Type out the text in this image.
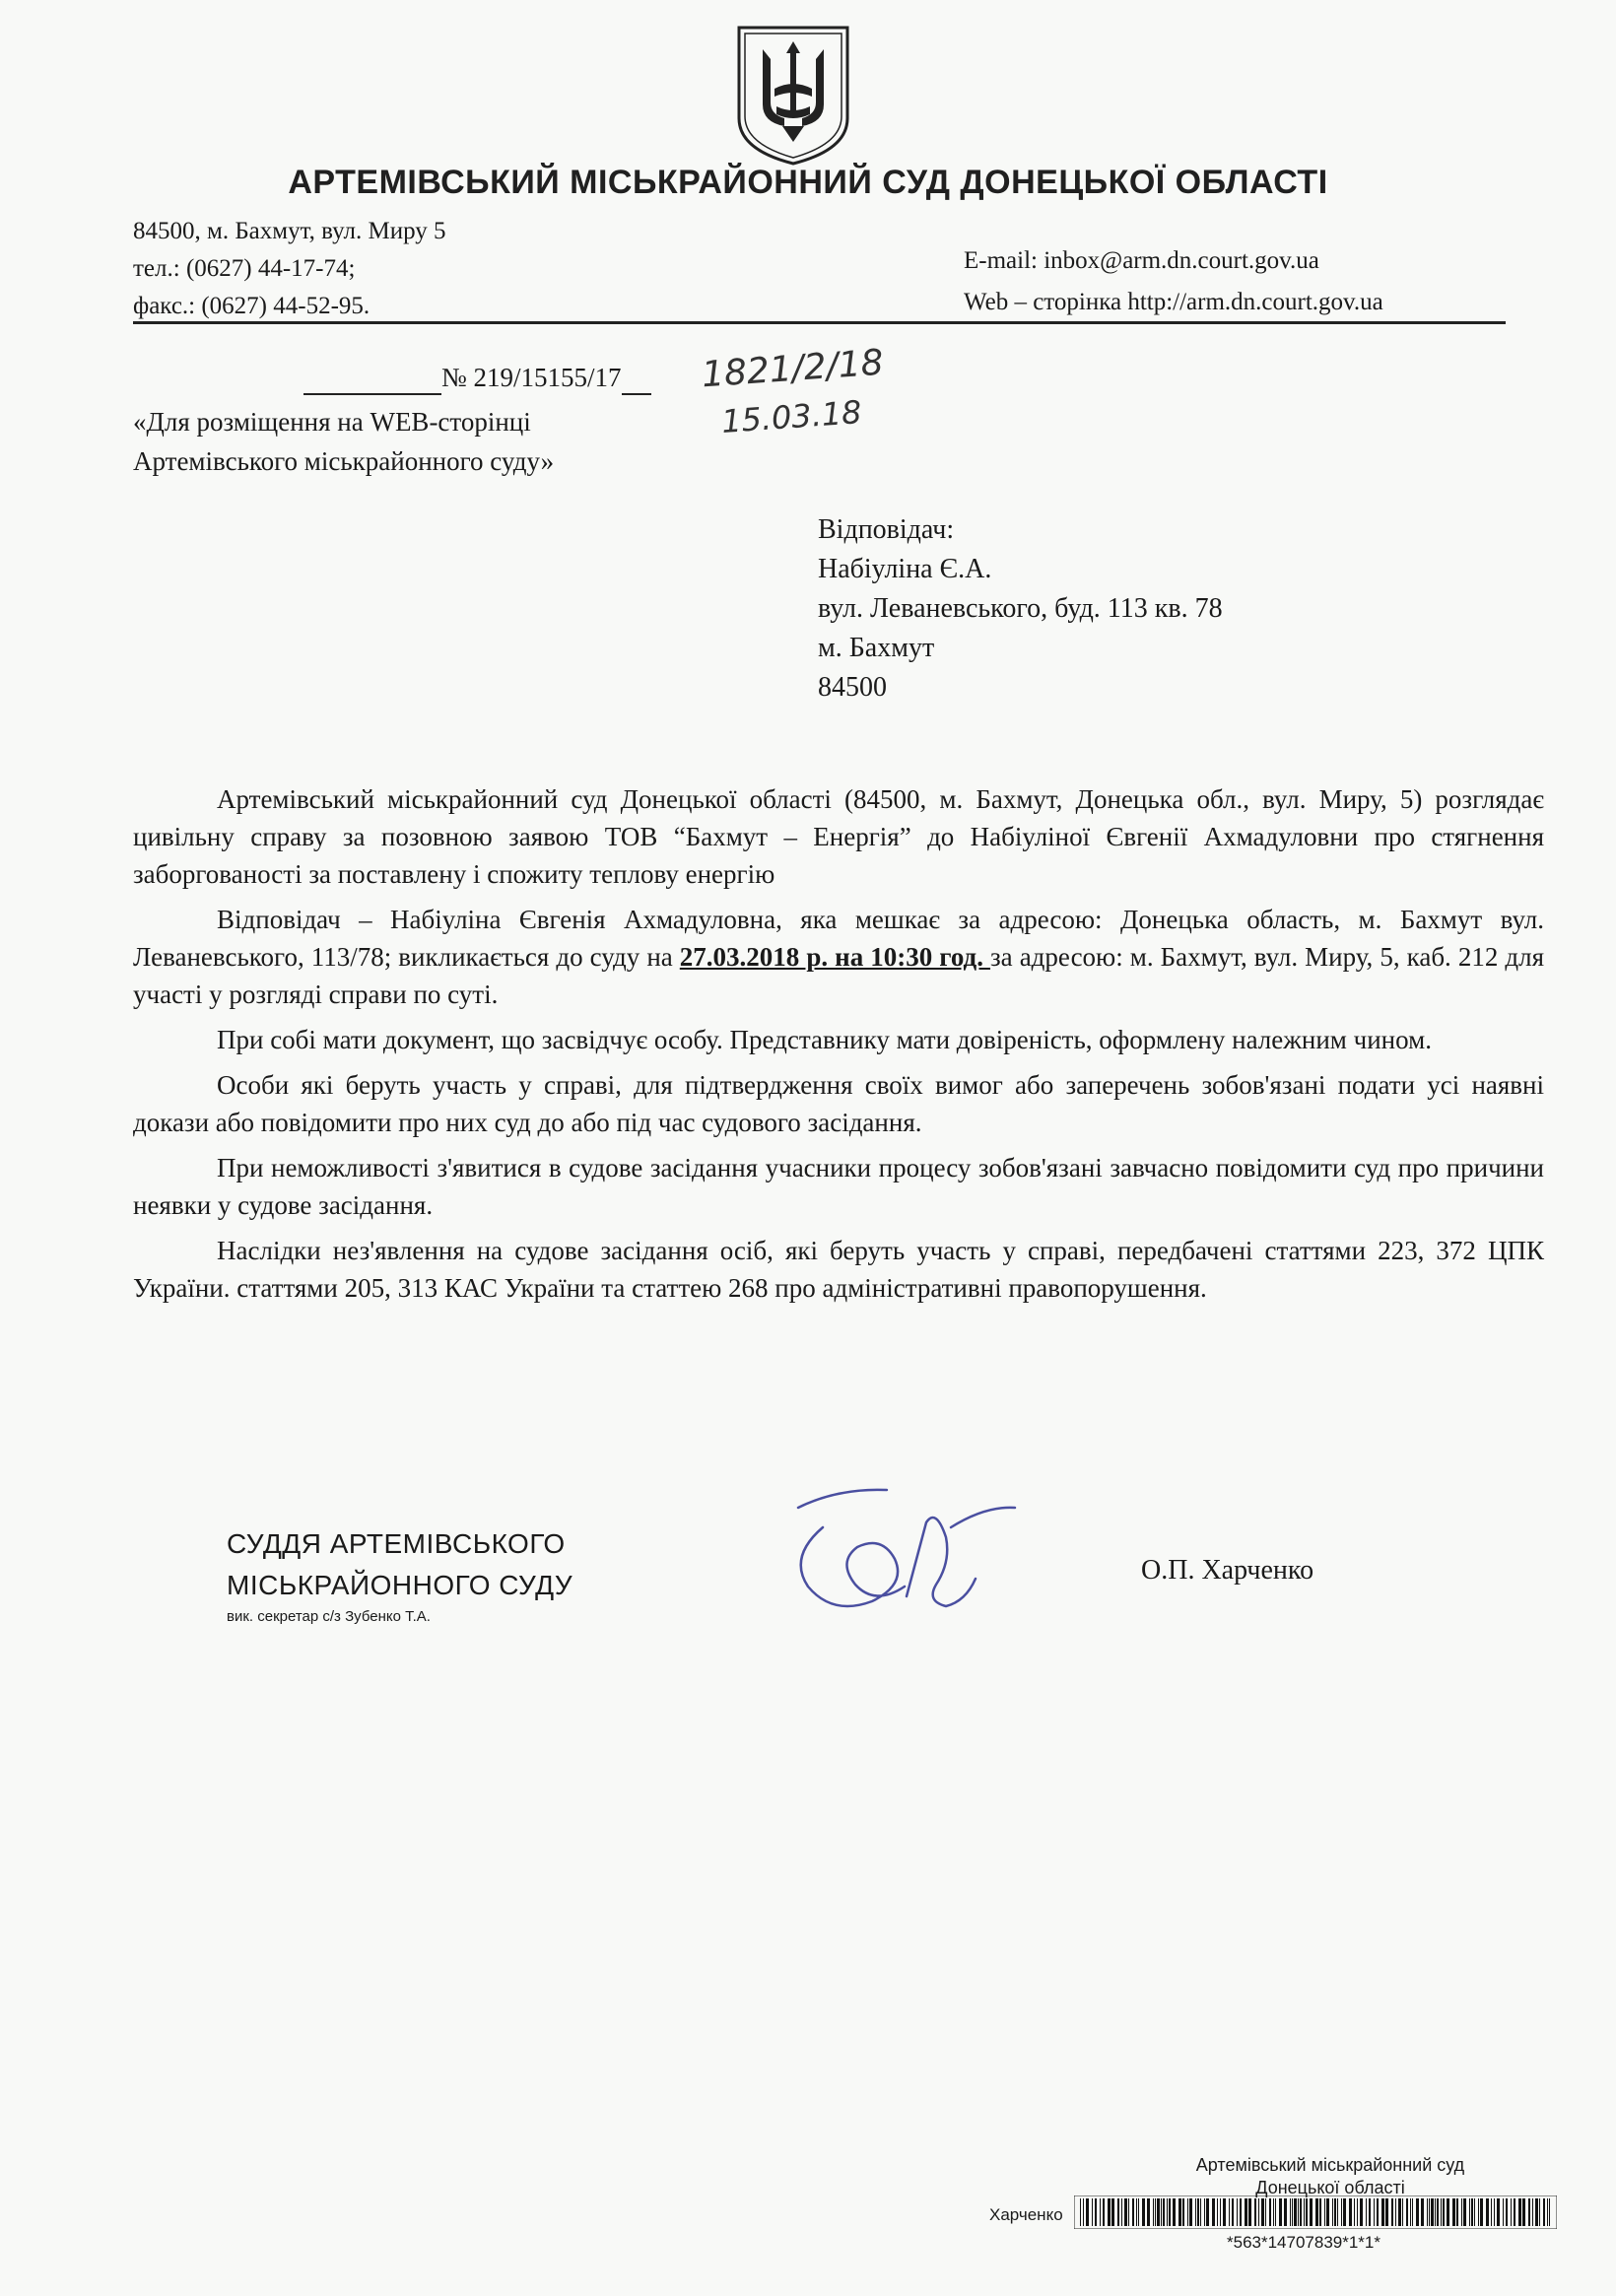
АРТЕМІВСЬКИЙ МІСЬКРАЙОННИЙ СУД ДОНЕЦЬКОЇ ОБЛАСТІ
84500, м. Бахмут, вул. Миру 5
тел.: (0627) 44-17-74;
факс.: (0627) 44-52-95.
E-mail: inbox@arm.dn.court.gov.ua
Web – сторінка http://arm.dn.court.gov.ua
№ 219/15155/17	1821/2/18
15.03.18
«Для розміщення на WEB-сторінці
Артемівського міськрайонного суду»
Відповідач:
Набіуліна Є.А.
вул. Леваневського, буд. 113 кв. 78
м. Бахмут
84500

Артемівський міськрайонний суд Донецької області (84500, м. Бахмут, Донецька обл., вул. Миру, 5) розглядає цивільну справу за позовною заявою ТОВ “Бахмут – Енергія” до Набіуліної Євгенії Ахмадуловни про стягнення заборгованості за поставлену і спожиту теплову енергію

Відповідач – Набіуліна Євгенія Ахмадуловна, яка мешкає за адресою: Донецька область, м. Бахмут вул. Леваневського, 113/78; викликається до суду на 27.03.2018 р. на 10:30 год. за адресою: м. Бахмут, вул. Миру, 5, каб. 212 для участі у розгляді справи по суті.

При собі мати документ, що засвідчує особу. Представнику мати довіреність, оформлену належним чином.

Особи які беруть участь у справі, для підтвердження своїх вимог або заперечень зобов'язані подати усі наявні докази або повідомити про них суд до або під час судового засідання.

При неможливості з'явитися в судове засідання учасники процесу зобов'язані завчасно повідомити суд про причини неявки у судове засідання.

Наслідки нез'явлення на судове засідання осіб, які беруть участь у справі, передбачені статтями 223, 372 ЦПК України. статтями 205, 313 КАС України та статтею 268 про адміністративні правопорушення.

СУДДЯ АРТЕМІВСЬКОГО
МІСЬКРАЙОННОГО СУДУ
вик. секретар с/з Зубенко Т.А.
О.П. Харченко
Артемівський міськрайонний суд
Донецької області
Харченко
*563*14707839*1*1*
